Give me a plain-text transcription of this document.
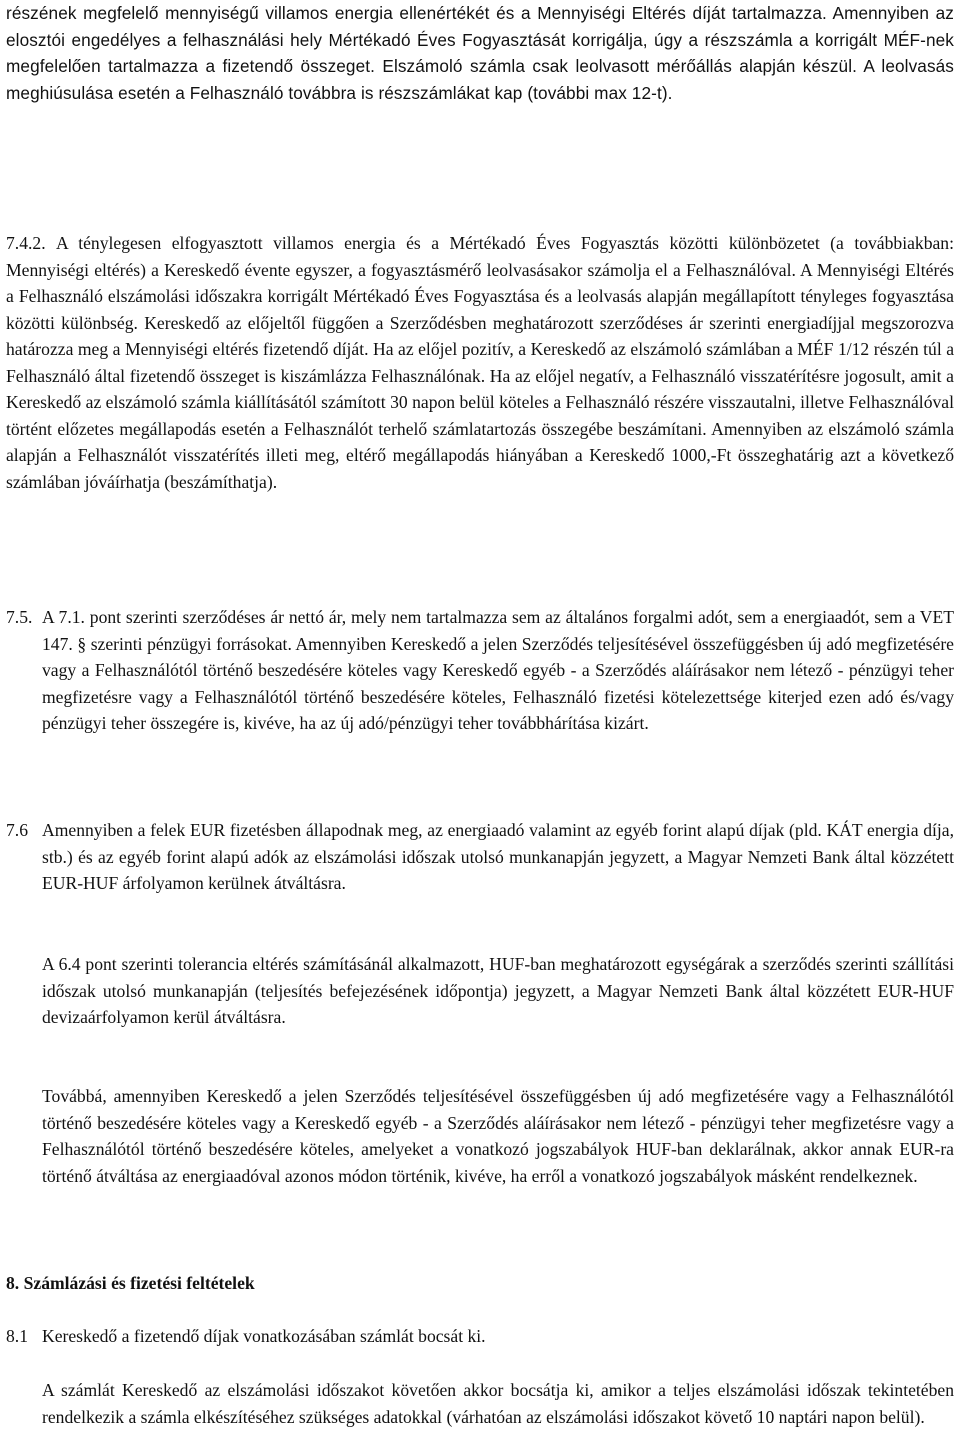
részének megfelelő mennyiségű villamos energia ellenértékét és a Mennyiségi Eltérés díját tartalmazza. Amennyiben az elosztói engedélyes a felhasználási hely Mértékadó Éves Fogyasztását korrigálja, úgy a részszámla a korrigált MÉF-nek megfelelően tartalmazza a fizetendő összeget. Elszámoló számla csak leolvasott mérőállás alapján készül. A leolvasás meghiúsulása esetén a Felhasználó továbbra is részszámlákat kap (további max 12-t).

7.4.2. A ténylegesen elfogyasztott villamos energia és a Mértékadó Éves Fogyasztás közötti különbözetet (a továbbiakban: Mennyiségi eltérés) a Kereskedő évente egyszer, a fogyasztásmérő leolvasásakor számolja el a Felhasználóval. A Mennyiségi Eltérés a Felhasználó elszámolási időszakra korrigált Mértékadó Éves Fogyasztása és a leolvasás alapján megállapított tényleges fogyasztása közötti különbség. Kereskedő az előjeltől függően a Szerződésben meghatározott szerződéses ár szerinti energiadíjjal megszorozva határozza meg a Mennyiségi eltérés fizetendő díját. Ha az előjel pozitív, a Kereskedő az elszámoló számlában a MÉF 1/12 részén túl a Felhasználó által fizetendő összeget is kiszámlázza Felhasználónak. Ha az előjel negatív, a Felhasználó visszatérítésre jogosult, amit a Kereskedő az elszámoló számla kiállításától számított 30 napon belül köteles a Felhasználó részére visszautalni, illetve Felhasználóval történt előzetes megállapodás esetén a Felhasználót terhelő számlatartozás összegébe beszámítani. Amennyiben az elszámoló számla alapján a Felhasználót visszatérítés illeti meg, eltérő megállapodás hiányában a Kereskedő 1000,-Ft összeghatárig azt a következő számlában jóváírhatja (beszámíthatja).

7.5. A 7.1. pont szerinti szerződéses ár nettó ár, mely nem tartalmazza sem az általános forgalmi adót, sem a energiaadót, sem a VET 147. § szerinti pénzügyi forrásokat. Amennyiben Kereskedő a jelen Szerződés teljesítésével összefüggésben új adó megfizetésére vagy a Felhasználótól történő beszedésére köteles vagy Kereskedő egyéb - a Szerződés aláírásakor nem létező - pénzügyi teher megfizetésre vagy a Felhasználótól történő beszedésére köteles, Felhasználó fizetési kötelezettsége kiterjed ezen adó és/vagy pénzügyi teher összegére is, kivéve, ha az új adó/pénzügyi teher továbbhárítása kizárt.

7.6 Amennyiben a felek EUR fizetésben állapodnak meg, az energiaadó valamint az egyéb forint alapú díjak (pld. KÁT energia díja, stb.) és az egyéb forint alapú adók az elszámolási időszak utolsó munkanapján jegyzett, a Magyar Nemzeti Bank által közzétett EUR-HUF árfolyamon kerülnek átváltásra.

A 6.4 pont szerinti tolerancia eltérés számításánál alkalmazott, HUF-ban meghatározott egységárak a szerződés szerinti szállítási időszak utolsó munkanapján (teljesítés befejezésének időpontja) jegyzett, a Magyar Nemzeti Bank által közzétett EUR-HUF devizaárfolyamon kerül átváltásra.

Továbbá, amennyiben Kereskedő a jelen Szerződés teljesítésével összefüggésben új adó megfizetésére vagy a Felhasználótól történő beszedésére köteles vagy a Kereskedő egyéb - a Szerződés aláírásakor nem létező - pénzügyi teher megfizetésre vagy a Felhasználótól történő beszedésére köteles, amelyeket a vonatkozó jogszabályok HUF-ban deklarálnak, akkor annak EUR-ra történő átváltása az energiaadóval azonos módon történik, kivéve, ha erről a vonatkozó jogszabályok másként rendelkeznek.

8. Számlázási és fizetési feltételek

8.1 Kereskedő a fizetendő díjak vonatkozásában számlát bocsát ki.

A számlát Kereskedő az elszámolási időszakot követően akkor bocsátja ki, amikor a teljes elszámolási időszak tekintetében rendelkezik a számla elkészítéséhez szükséges adatokkal (várhatóan az elszámolási időszakot követő 10 naptári napon belül).
